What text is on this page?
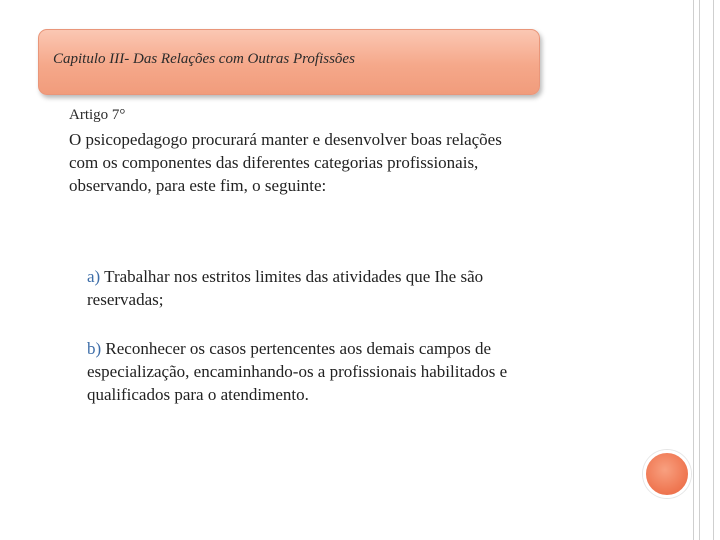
Capitulo III- Das Relações com Outras Profissões
Artigo 7°
O psicopedagogo procurará manter e desenvolver boas relações com os componentes das diferentes categorias profissionais, observando, para este fim, o seguinte:
a) Trabalhar nos estritos limites das atividades que Ihe são reservadas;
b) Reconhecer os casos pertencentes aos demais campos de especialização, encaminhando-os a profissionais habilitados e qualificados para o atendimento.
